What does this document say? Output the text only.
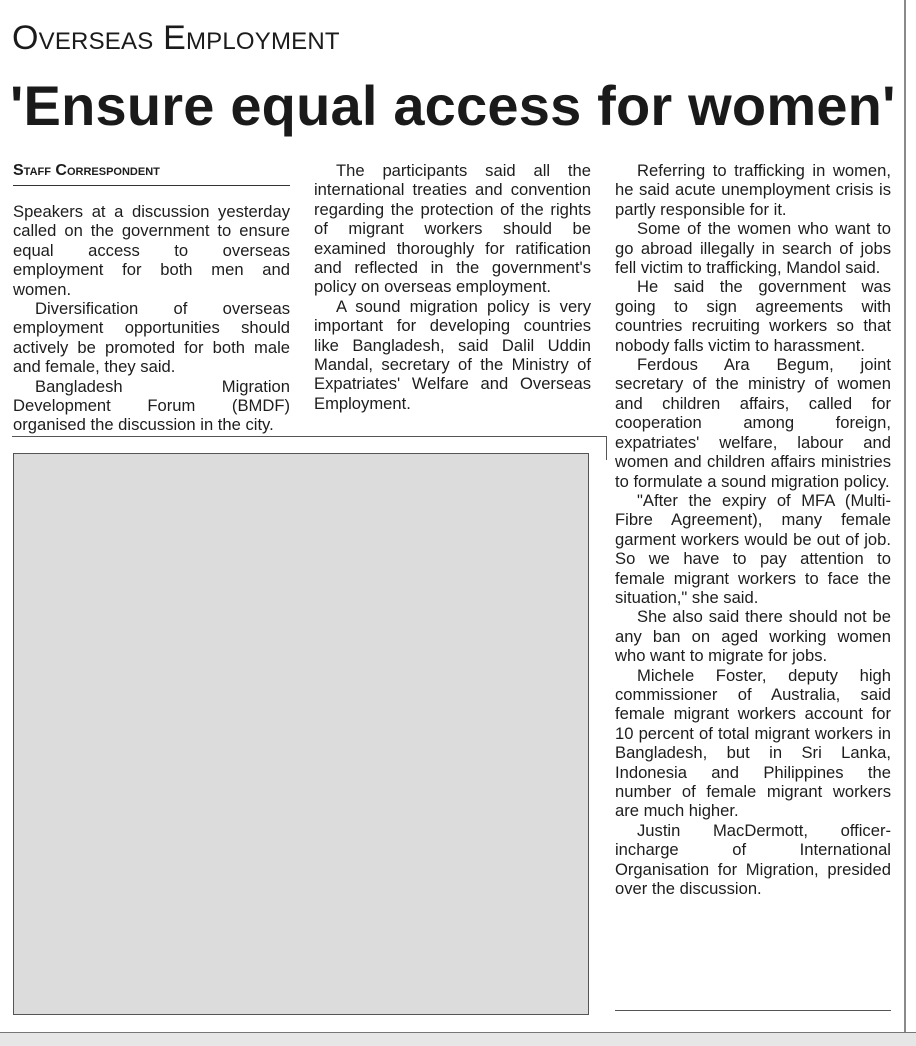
Overseas Employment
'Ensure equal access for women'
Staff Correspondent

Speakers at a discussion yesterday called on the government to ensure equal access to overseas employment for both men and women.

Diversification of overseas employment opportunities should actively be promoted for both male and female, they said.

Bangladesh Migration Development Forum (BMDF) organised the discussion in the city.

The participants said all the international treaties and convention regarding the protection of the rights of migrant workers should be examined thoroughly for ratification and reflected in the government's policy on overseas employment.

A sound migration policy is very important for developing countries like Bangladesh, said Dalil Uddin Mandal, secretary of the Ministry of Expatriates' Welfare and Overseas Employment.

Referring to trafficking in women, he said acute unemployment crisis is partly responsible for it.

Some of the women who want to go abroad illegally in search of jobs fell victim to trafficking, Mandol said.

He said the government was going to sign agreements with countries recruiting workers so that nobody falls victim to harassment.

Ferdous Ara Begum, joint secretary of the ministry of women and children affairs, called for cooperation among foreign, expatriates' welfare, labour and women and children affairs ministries to formulate a sound migration policy.

"After the expiry of MFA (Multi-Fibre Agreement), many female garment workers would be out of job. So we have to pay attention to female migrant workers to face the situation," she said.

She also said there should not be any ban on aged working women who want to migrate for jobs.

Michele Foster, deputy high commissioner of Australia, said female migrant workers account for 10 percent of total migrant workers in Bangladesh, but in Sri Lanka, Indonesia and Philippines the number of female migrant workers are much higher.

Justin MacDermott, officer-incharge of International Organisation for Migration, presided over the discussion.
